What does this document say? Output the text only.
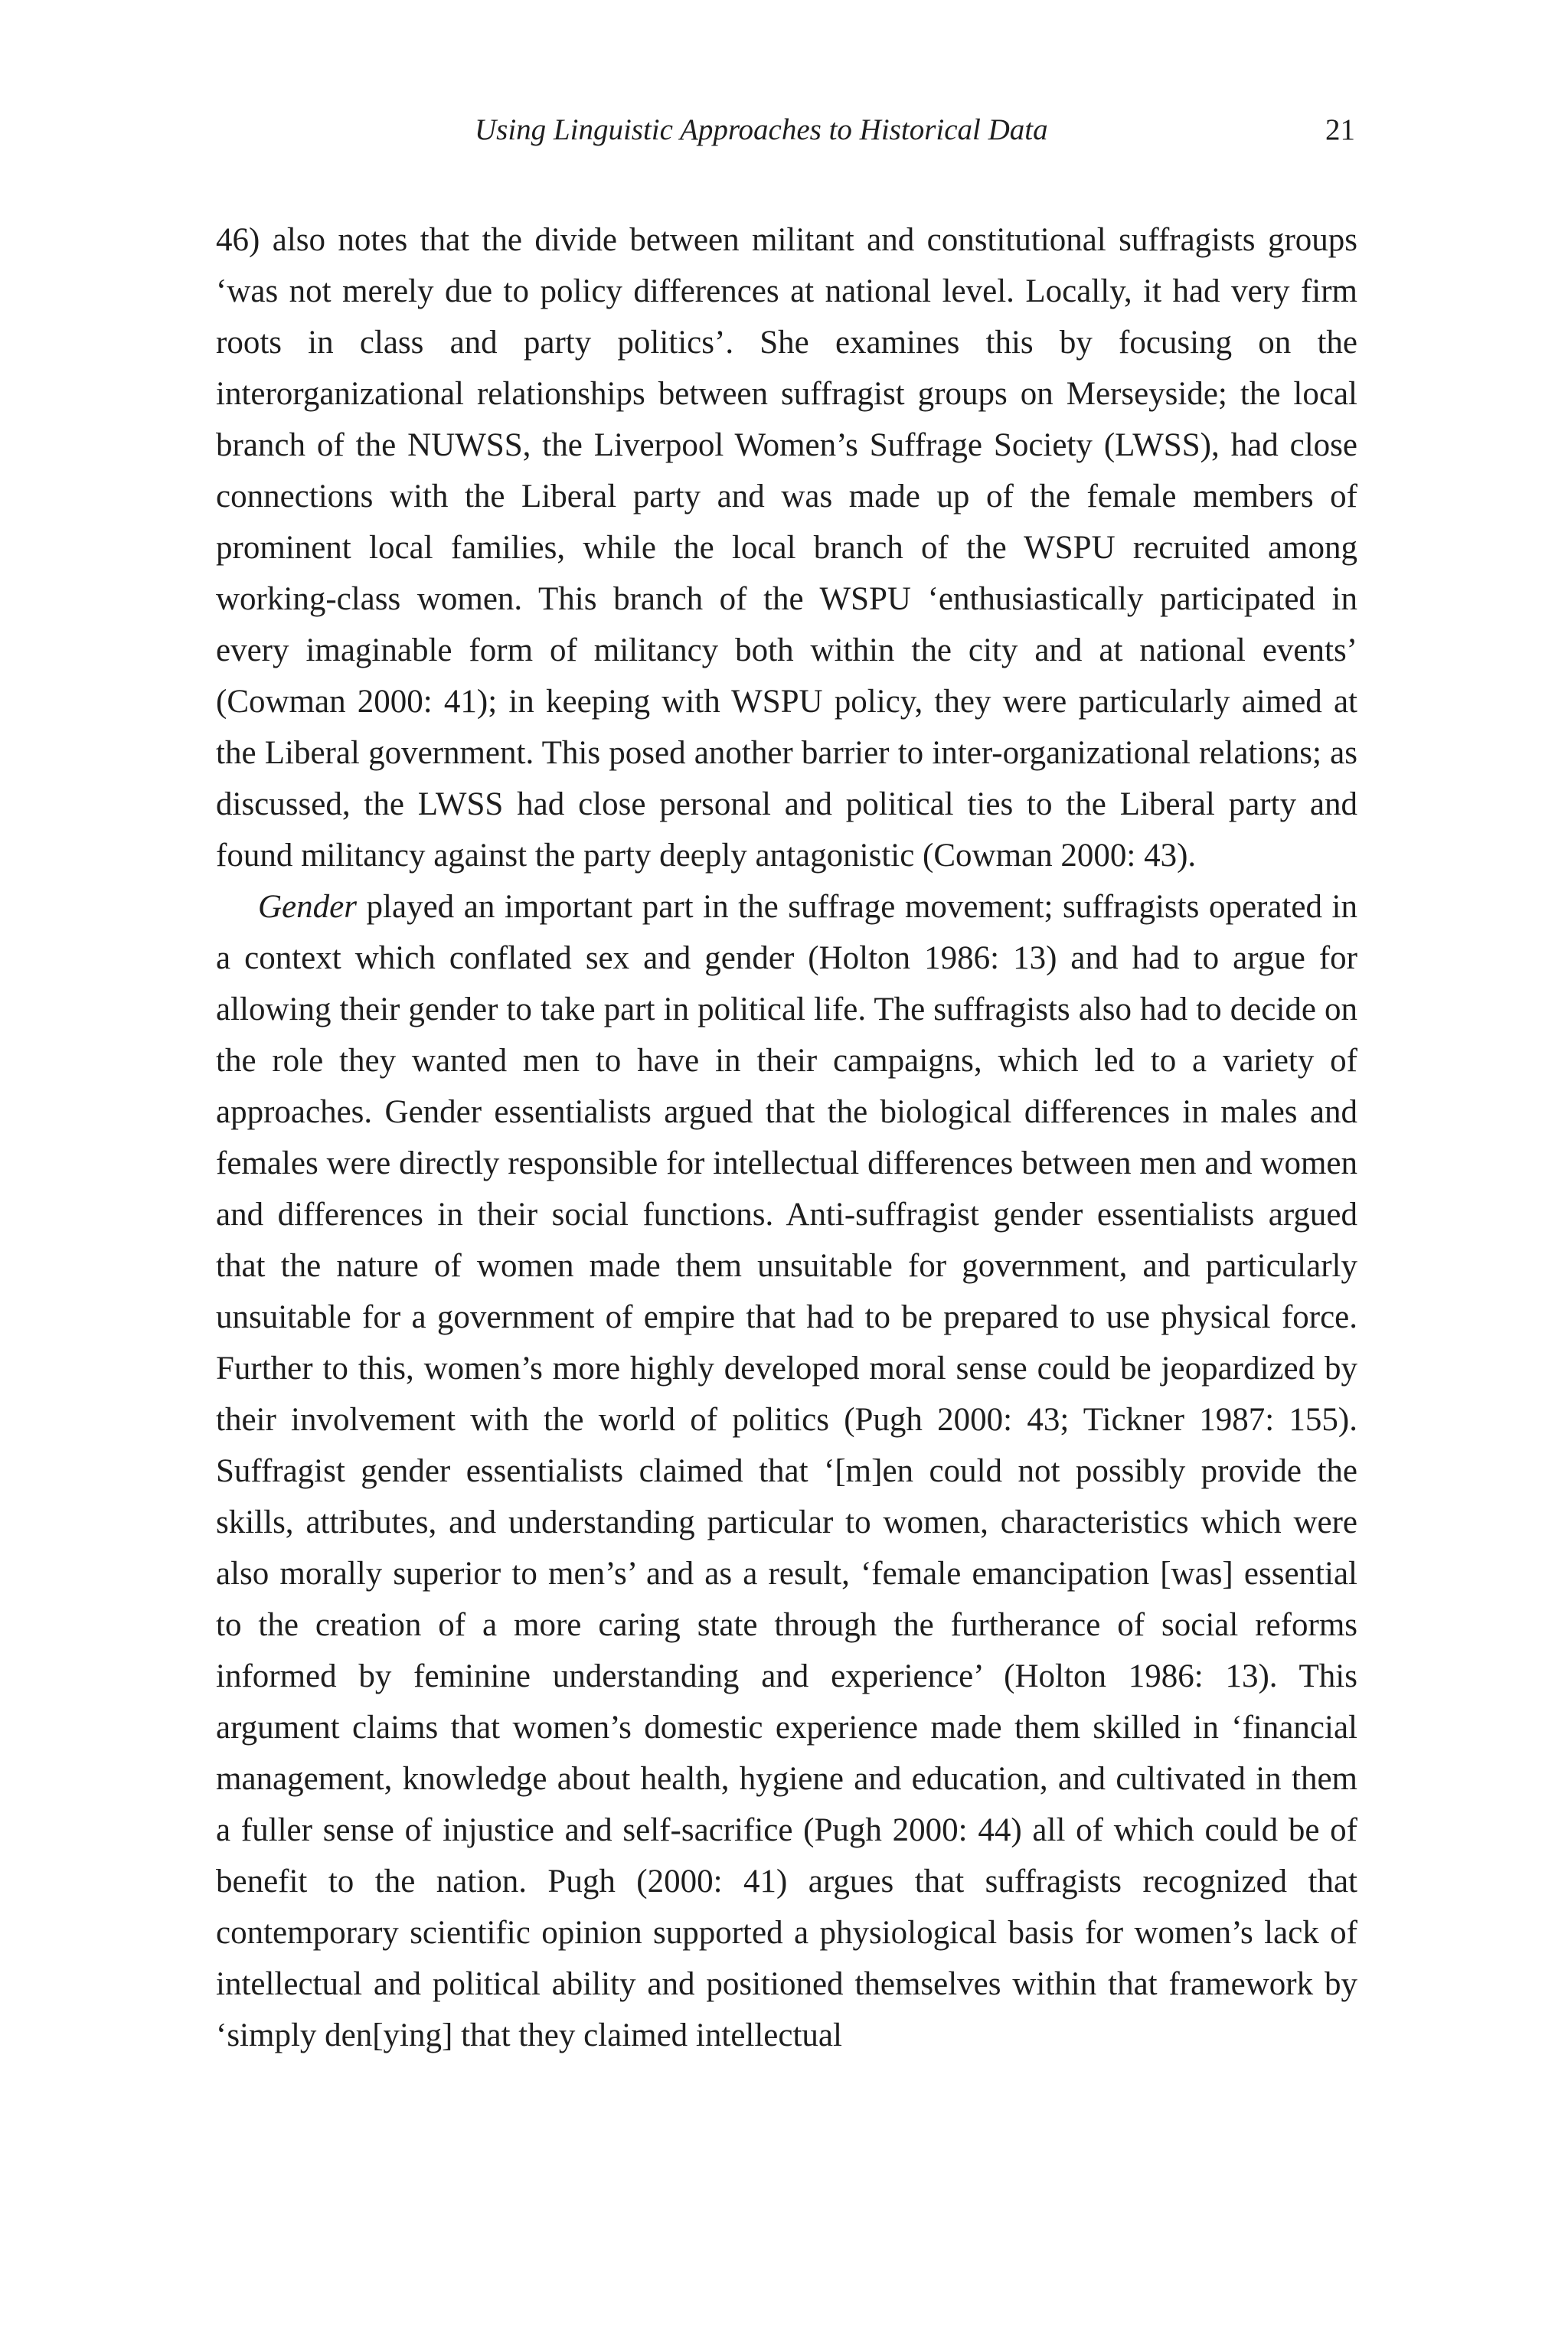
Using Linguistic Approaches to Historical Data	21

46) also notes that the divide between militant and constitutional suffragists groups ‘was not merely due to policy differences at national level. Locally, it had very firm roots in class and party politics’. She examines this by focusing on the interorganizational relationships between suffragist groups on Merseyside; the local branch of the NUWSS, the Liverpool Women’s Suffrage Society (LWSS), had close connections with the Liberal party and was made up of the female members of prominent local families, while the local branch of the WSPU recruited among working-class women. This branch of the WSPU ‘enthusiastically participated in every imaginable form of militancy both within the city and at national events’ (Cowman 2000: 41); in keeping with WSPU policy, they were particularly aimed at the Liberal government. This posed another barrier to inter-organizational relations; as discussed, the LWSS had close personal and political ties to the Liberal party and found militancy against the party deeply antagonistic (Cowman 2000: 43).

Gender played an important part in the suffrage movement; suffragists operated in a context which conflated sex and gender (Holton 1986: 13) and had to argue for allowing their gender to take part in political life. The suffragists also had to decide on the role they wanted men to have in their campaigns, which led to a variety of approaches. Gender essentialists argued that the biological differences in males and females were directly responsible for intellectual differences between men and women and differences in their social functions. Anti-suffragist gender essentialists argued that the nature of women made them unsuitable for government, and particularly unsuitable for a government of empire that had to be prepared to use physical force. Further to this, women’s more highly developed moral sense could be jeopardized by their involvement with the world of politics (Pugh 2000: 43; Tickner 1987: 155). Suffragist gender essentialists claimed that ‘[m]en could not possibly provide the skills, attributes, and understanding particular to women, characteristics which were also morally superior to men’s’ and as a result, ‘female emancipation [was] essential to the creation of a more caring state through the furtherance of social reforms informed by feminine understanding and experience’ (Holton 1986: 13). This argument claims that women’s domestic experience made them skilled in ‘financial management, knowledge about health, hygiene and education, and cultivated in them a fuller sense of injustice and self-sacrifice (Pugh 2000: 44) all of which could be of benefit to the nation. Pugh (2000: 41) argues that suffragists recognized that contemporary scientific opinion supported a physiological basis for women’s lack of intellectual and political ability and positioned themselves within that framework by ‘simply den[ying] that they claimed intellectual
